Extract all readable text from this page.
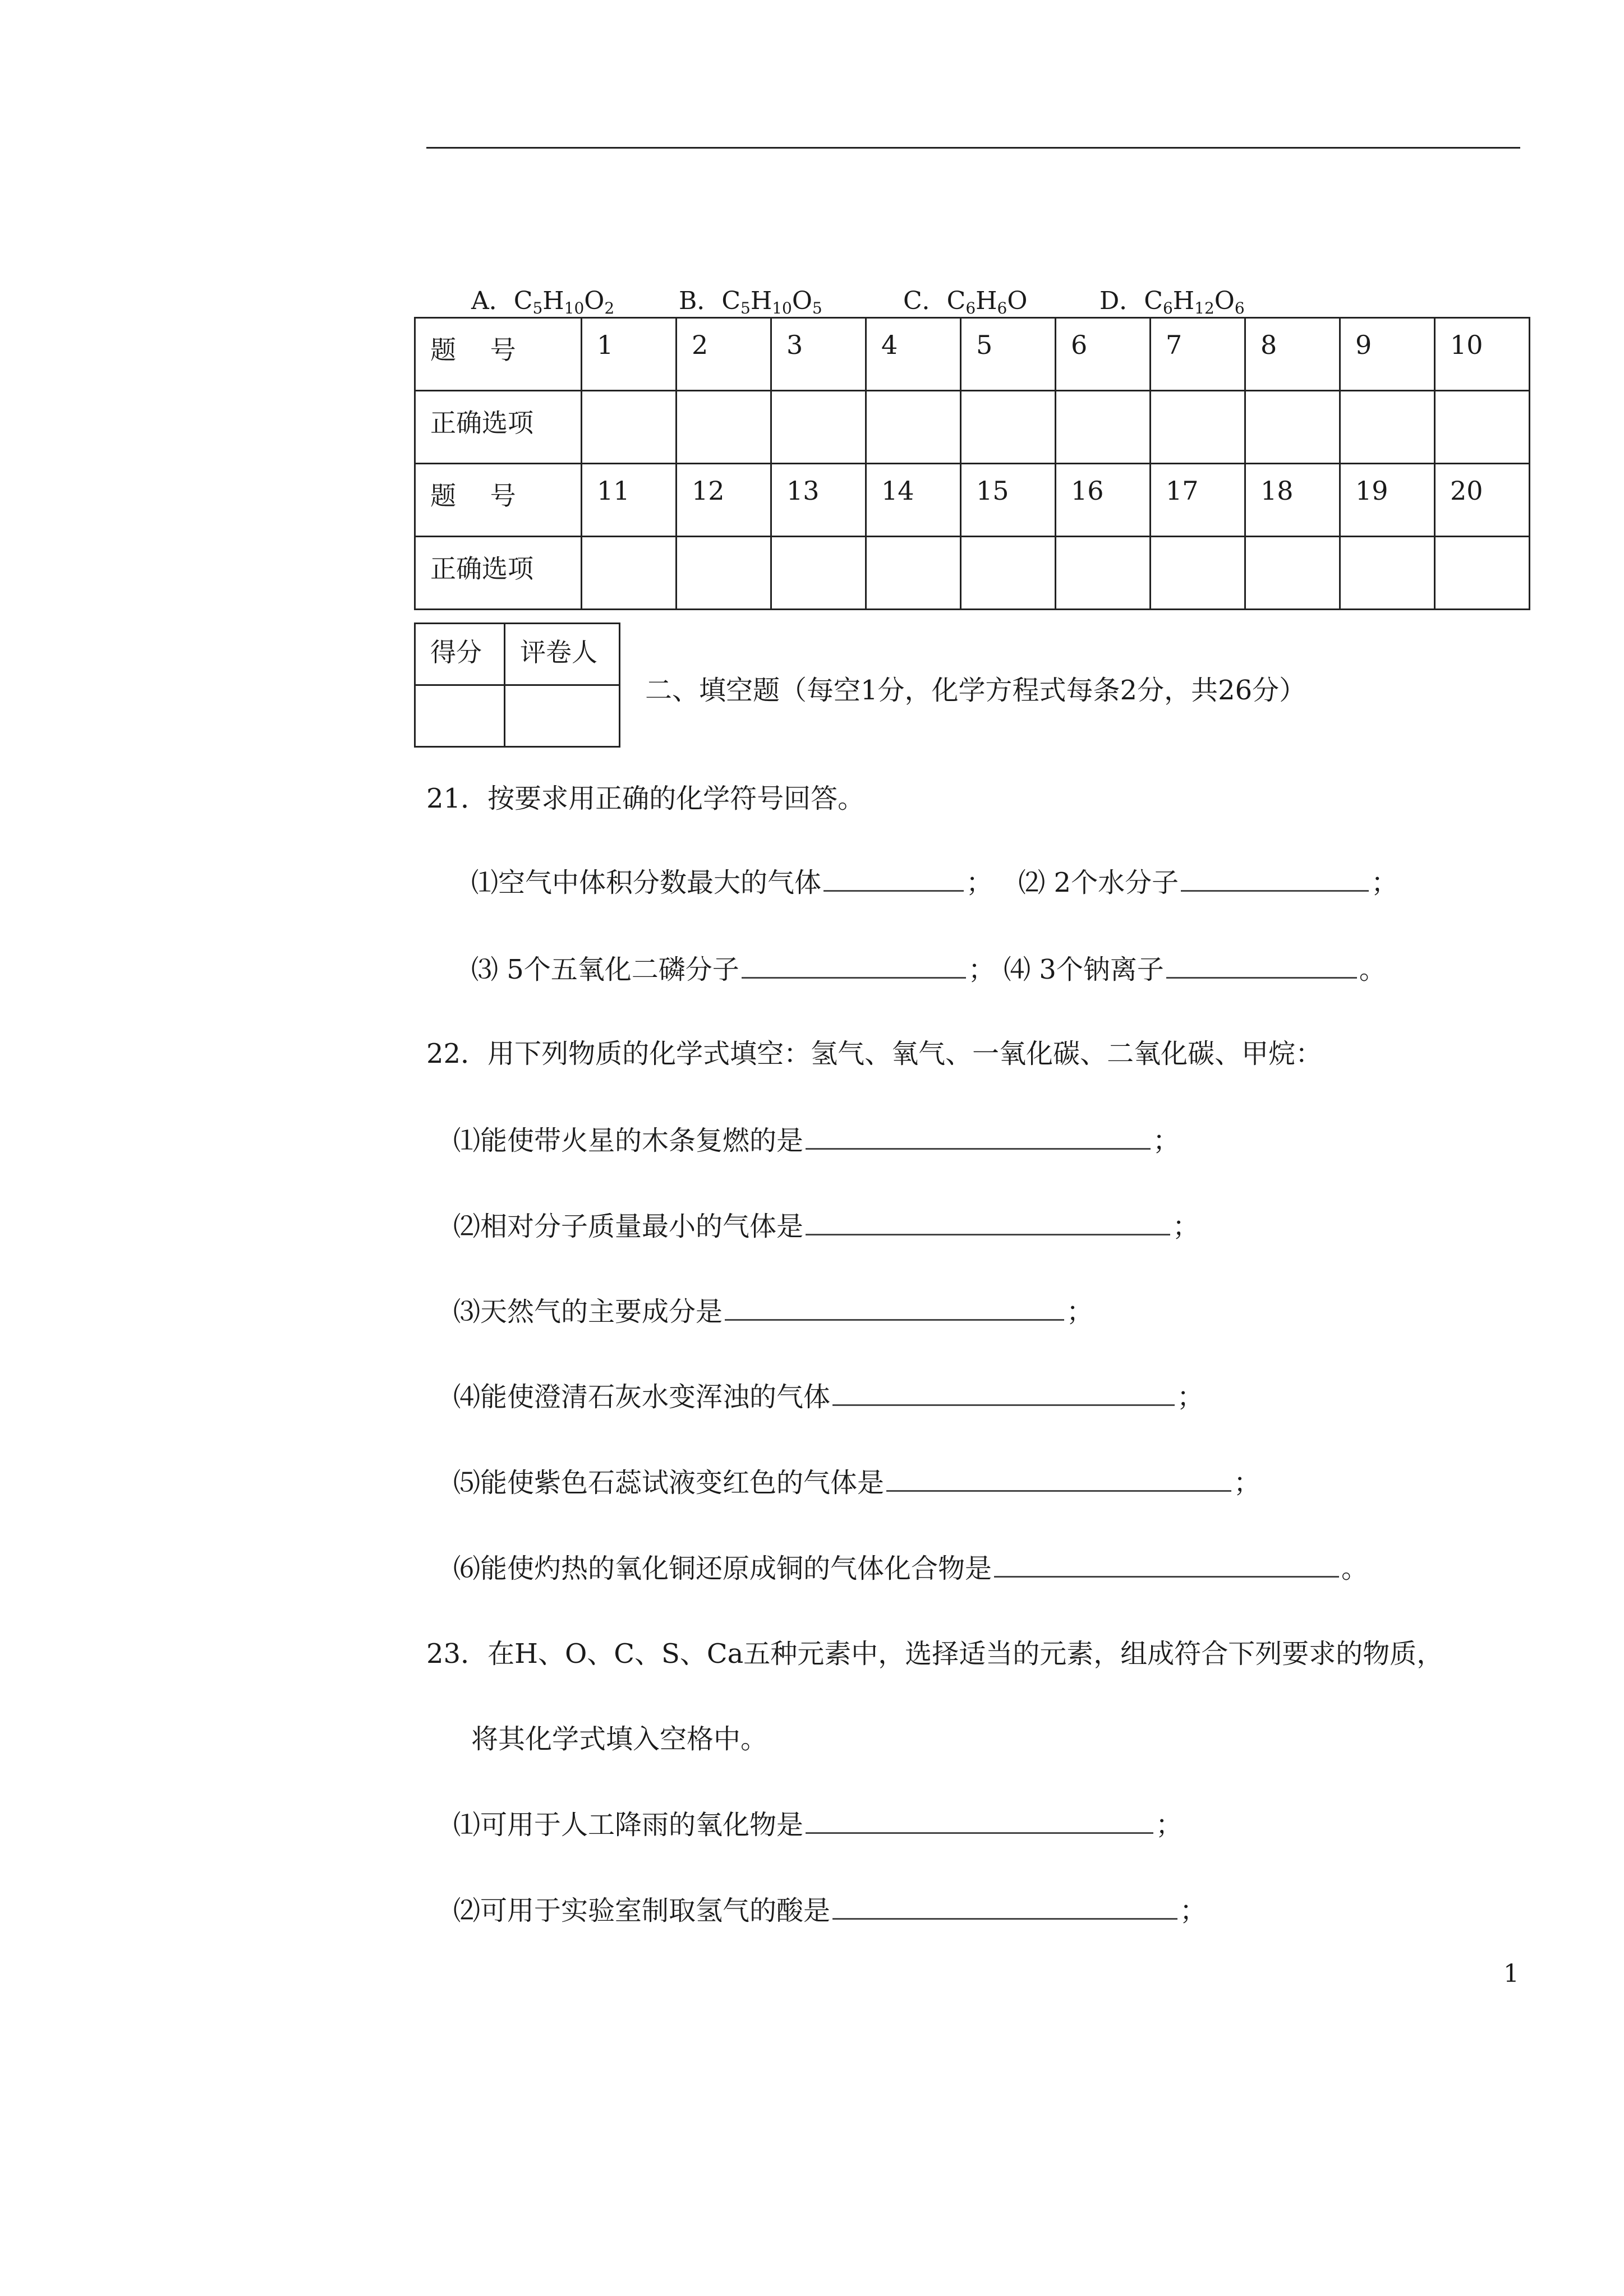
A．$C_5H_{10}O_2$	B．$C_5H_{10}O_5$	C．$C_6H_6O$	D．$C_6H_{12}O_6$
题　 号	1	2	3	4	5	6	7	8	9	10
正确选项										
题　 号	11	12	13	14	15	16	17	18	19	20
正确选项										
得分	评卷人

二、填空题（每空1分，化学方程式每条2分，共26分）
21．按要求用正确的化学符号回答。
⑴空气中体积分数最大的气体	； ⑵ 2个水分子	；
⑶ 5个五氧化二磷分子	； ⑷ 3个钠离子	。
22．用下列物质的化学式填空：氢气、氧气、一氧化碳、二氧化碳、甲烷：
⑴能使带火星的木条复燃的是	；
⑵相对分子质量最小的气体是	；
⑶天然气的主要成分是	；
⑷能使澄清石灰水变浑浊的气体	；
⑸能使紫色石蕊试液变红色的气体是	；
⑹能使灼热的氧化铜还原成铜的气体化合物是	。
23．在H、O、C、S、Ca五种元素中，选择适当的元素，组成符合下列要求的物质，
将其化学式填入空格中。
⑴可用于人工降雨的氧化物是	；
⑵可用于实验室制取氢气的酸是	；
1
